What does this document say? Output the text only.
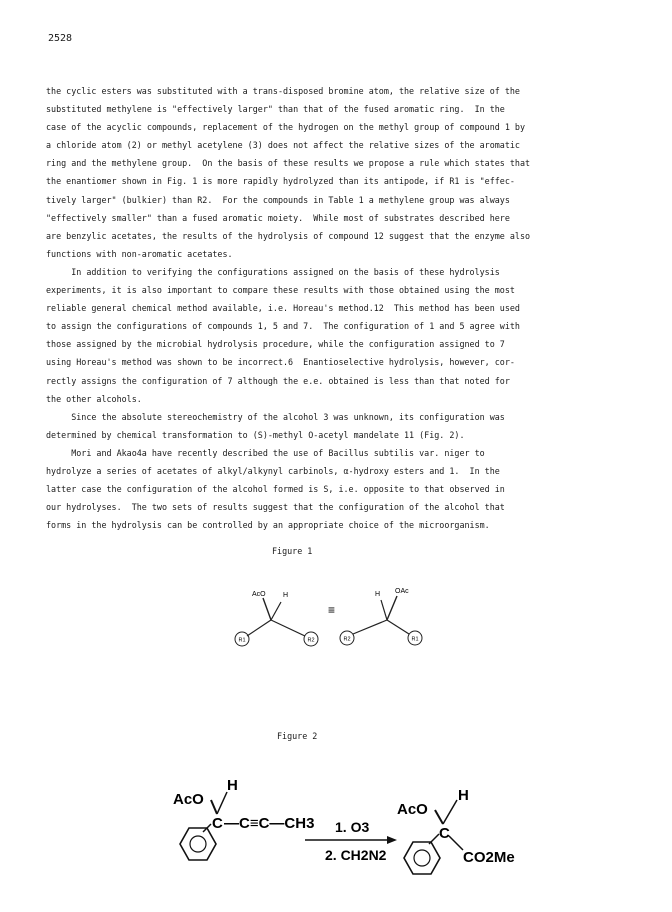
2528
the cyclic esters was substituted with a trans-disposed bromine atom, the relative size of the
substituted methylene is "effectively larger" than that of the fused aromatic ring.  In the
case of the acyclic compounds, replacement of the hydrogen on the methyl group of compound 1 by
a chloride atom (2) or methyl acetylene (3) does not affect the relative sizes of the aromatic
ring and the methylene group.  On the basis of these results we propose a rule which states that
the enantiomer shown in Fig. 1 is more rapidly hydrolyzed than its antipode, if R1 is "effec-
tively larger" (bulkier) than R2.  For the compounds in Table 1 a methylene group was always
"effectively smaller" than a fused aromatic moiety.  While most of substrates described here
are benzylic acetates, the results of the hydrolysis of compound 12 suggest that the enzyme also
functions with non-aromatic acetates.
In addition to verifying the configurations assigned on the basis of these hydrolysis
experiments, it is also important to compare these results with those obtained using the most
reliable general chemical method available, i.e. Horeau's method.12  This method has been used
to assign the configurations of compounds 1, 5 and 7.  The configuration of 1 and 5 agree with
those assigned by the microbial hydrolysis procedure, while the configuration assigned to 7
using Horeau's method was shown to be incorrect.6  Enantioselective hydrolysis, however, cor-
rectly assigns the configuration of 7 although the e.e. obtained is less than that noted for
the other alcohols.
Since the absolute stereochemistry of the alcohol 3 was unknown, its configuration was
determined by chemical transformation to (S)-methyl O-acetyl mandelate 11 (Fig. 2).
Mori and Akao4a have recently described the use of Bacillus subtilis var. niger to
hydrolyze a series of acetates of alkyl/alkynyl carbinols, α-hydroxy esters and 1.  In the
latter case the configuration of the alcohol formed is S, i.e. opposite to that observed in
our hydrolyses.  The two sets of results suggest that the configuration of the alcohol that
forms in the hydrolysis can be controlled by an appropriate choice of the microorganism.
Figure 1
AcO H
R1	R2
≡
H OAc
R2	R1
Figure 2
AcO
H
C —C≡C—CH3 1. O3
2. CH2N2
AcO
H
C
CO2Me
